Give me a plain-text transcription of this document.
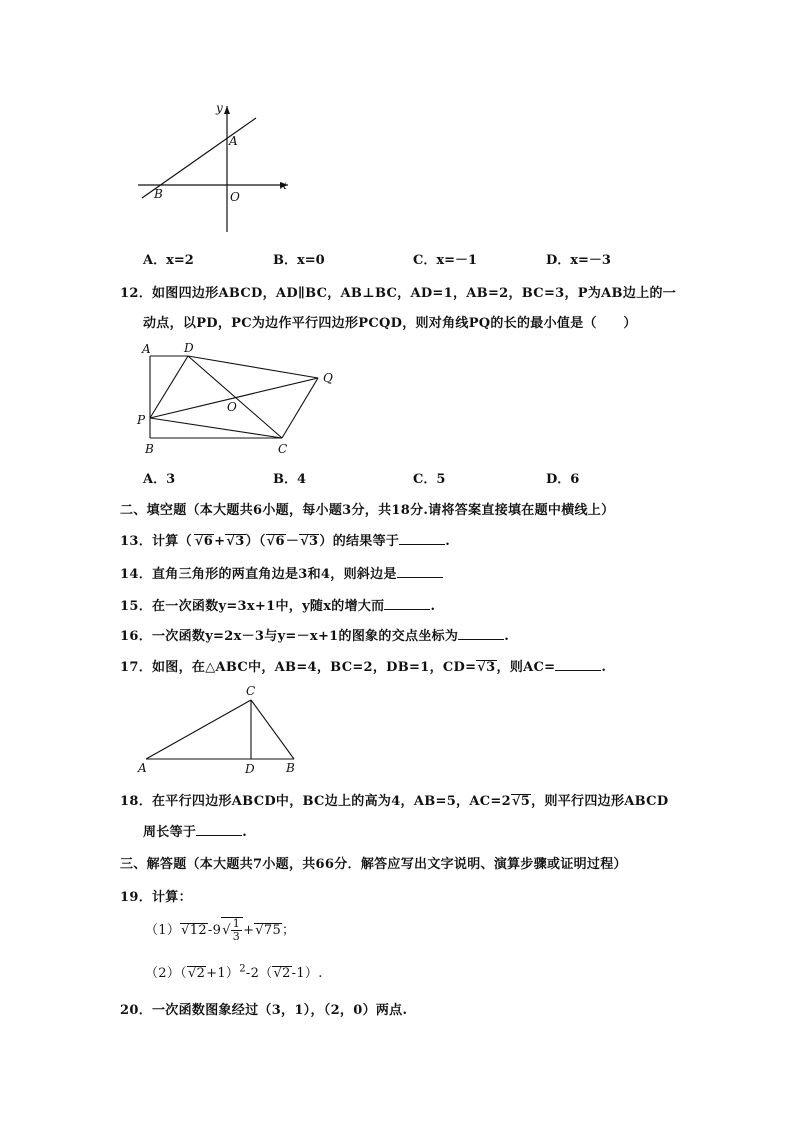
y
x
A
B	O
A．x=2	B．x=0	C．x=－1	D．x=－3
12．如图四边形ABCD，AD∥BC，AB⊥BC，AD=1，AB=2，BC=3，P为AB边上的一
动点，以PD，PC为边作平行四边形PCQD，则对角线PQ的长的最小值是（　　）
A	D
Q
O
P
B	C
A．3	B．4	C．5	D．6
二、填空题（本大题共6小题，每小题3分，共18分.请将答案直接填在题中横线上）
13．计算（ √6+√3）（√6－√3）的结果等于	.
14．直角三角形的两直角边是3和4，则斜边是
15．在一次函数y=3x+1中，y随x的增大而	.
16．一次函数y=2x－3与y=－x+1的图象的交点坐标为	.
17．如图，在△ABC中，AB=4，BC=2，DB=1，CD=√3，则AC=	.
C
A	D	B
18．在平行四边形ABCD中，BC边上的高为4，AB=5，AC=2√5，则平行四边形ABCD
周长等于	.
三、解答题（本大题共7小题，共66分．解答应写出文字说明、演算步骤或证明过程）
19．计算：
$(1)√12-9√ \frac{1}{3} +√75$；
$(2)(√2+1)^2-2(√2-1)$.
20．一次函数图象经过（3，1），（2，0）两点.
